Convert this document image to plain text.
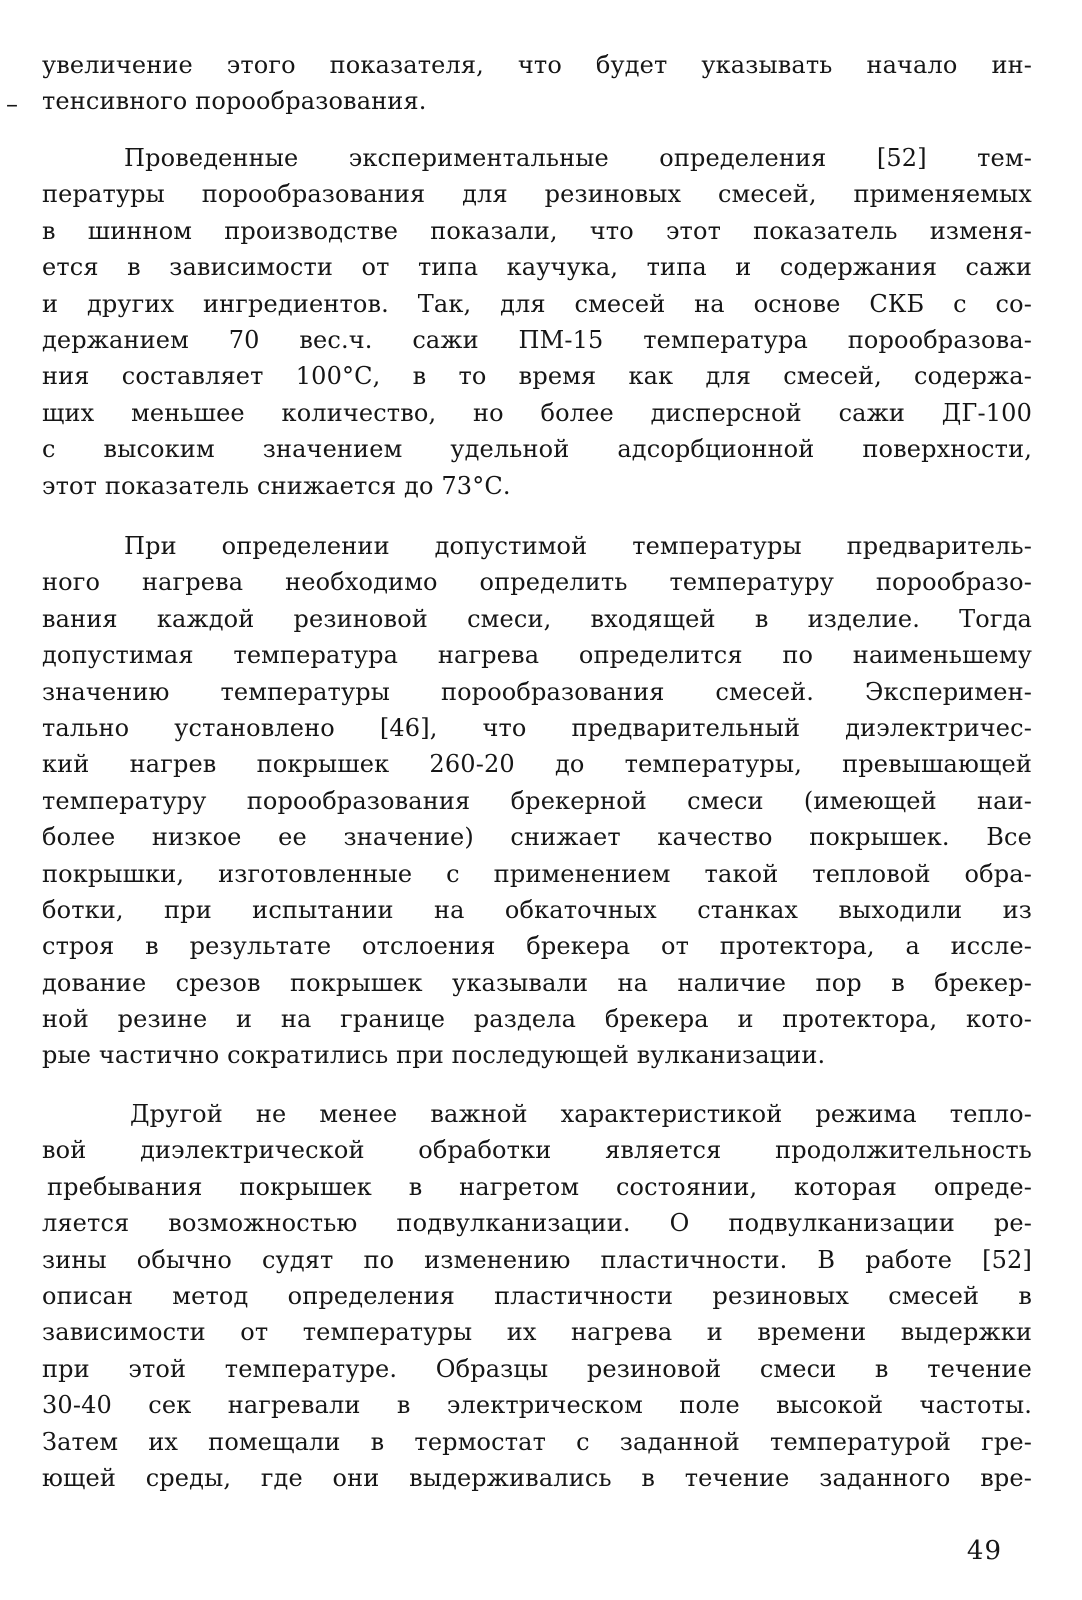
–
увеличение этого показателя, что будет указывать начало ин-
тенсивного порообразования.
Проведенные экспериментальные определения [52] тем-
пературы порообразования для резиновых смесей, применяемых
в шинном производстве показали, что этот показатель изменя-
ется в зависимости от типа каучука, типа и содержания сажи
и других ингредиентов. Так, для смесей на основе СКБ с со-
держанием 70 вес.ч. сажи ПМ-15 температура порообразова-
ния составляет 100°С, в то время как для смесей, содержа-
щих меньшее количество, но более дисперсной сажи ДГ-100
с высоким значением удельной адсорбционной поверхности,
этот показатель снижается до 73°С.
При определении допустимой температуры предваритель-
ного нагрева необходимо определить температуру порообразо-
вания каждой резиновой смеси, входящей в изделие. Тогда
допустимая температура нагрева определится по наименьшему
значению температуры порообразования смесей. Эксперимен-
тально установлено [46], что предварительный диэлектричес-
кий нагрев покрышек 260-20 до температуры, превышающей
температуру порообразования брекерной смеси (имеющей наи-
более низкое ее значение) снижает качество покрышек. Все
покрышки, изготовленные с применением такой тепловой обра-
ботки, при испытании на обкаточных станках выходили из
строя в результате отслоения брекера от протектора, а иссле-
дование срезов покрышек указывали на наличие пор в брекер-
ной резине и на границе раздела брекера и протектора, кото-
рые частично сократились при последующей вулканизации.
Другой не менее важной характеристикой режима тепло-
вой диэлектрической обработки является продолжительность
пребывания покрышек в нагретом состоянии, которая опреде-
ляется возможностью подвулканизации. О подвулканизации ре-
зины обычно судят по изменению пластичности. В работе [52]
описан метод определения пластичности резиновых смесей в
зависимости от температуры их нагрева и времени выдержки
при этой температуре. Образцы резиновой смеси в течение
30-40 сек нагревали в электрическом поле высокой частоты.
Затем их помещали в термостат с заданной температурой гре-
ющей среды, где они выдерживались в течение заданного вре-
49
